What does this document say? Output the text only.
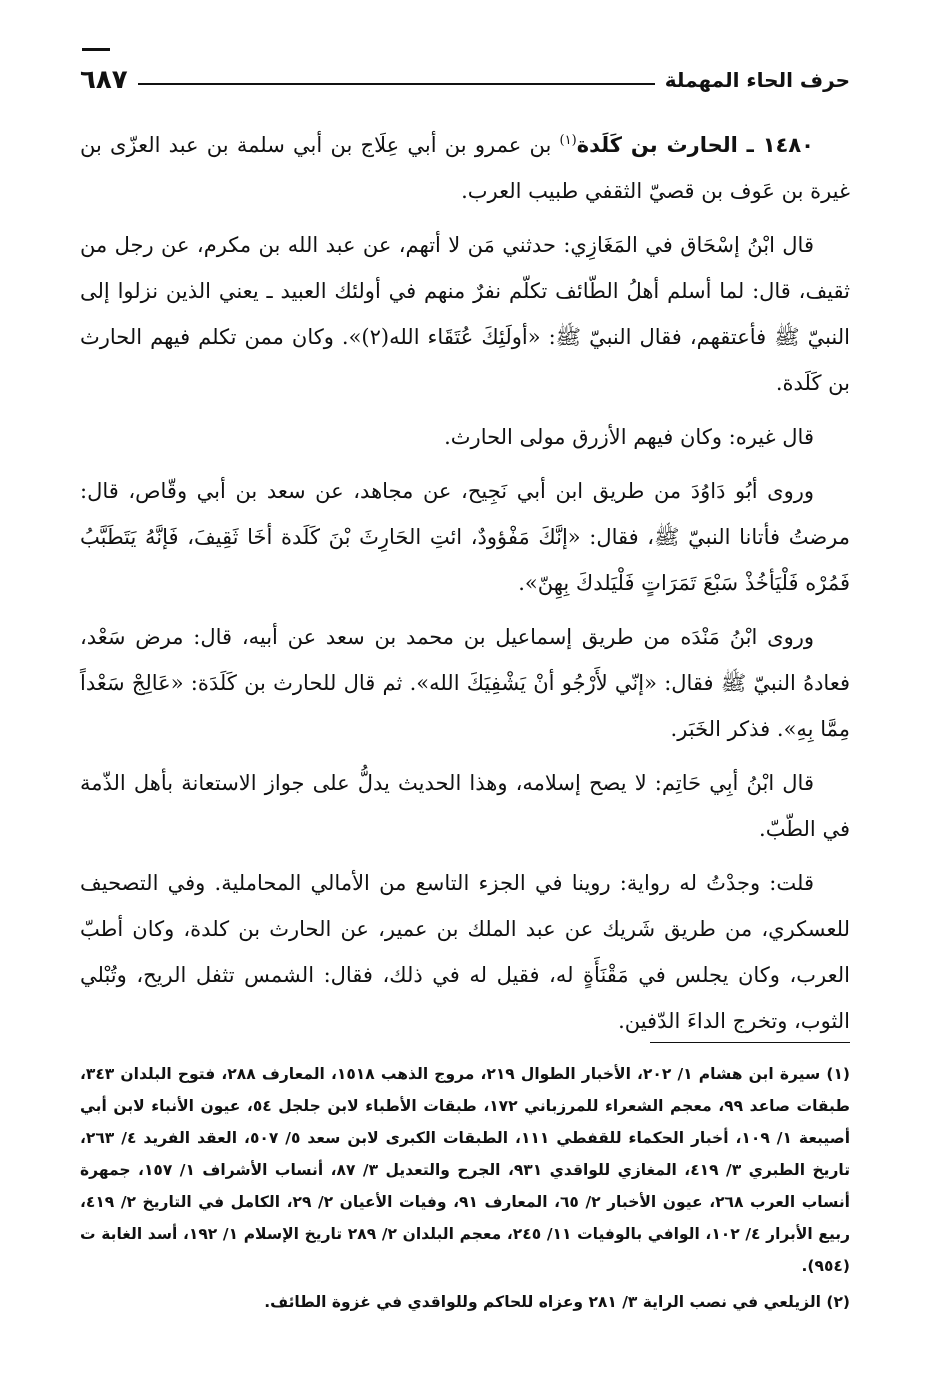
حرف الحاء المهملة
٦٨٧

١٤٨٠ ـ الحارث بن كَلَدة$^{(١)}$ بن عمرو بن أبي عِلَاج بن أبي سلمة بن عبد العزّى بن غيرة بن عَوف بن قصيّ الثقفي طبيب العرب.

قال ابْنُ إسْحَاق في المَغَازِي: حدثني مَن لا أتهم، عن عبد الله بن مكرم، عن رجل من ثقيف، قال: لما أسلم أهلُ الطّائف تكلّم نفرٌ منهم في أولئك العبيد ـ يعني الذين نزلوا إلى النبيّ ﷺ فأعتقهم، فقال النبيّ ﷺ: «أولَئِكَ عُتَقَاء الله(٢)». وكان ممن تكلم فيهم الحارث بن كَلَدة.

قال غيره: وكان فيهم الأزرق مولى الحارث.

وروى أبُو دَاوُدَ من طريق ابن أبي نَجِيح، عن مجاهد، عن سعد بن أبي وقّاص، قال: مرضتُ فأتانا النبيّ ﷺ، فقال: «إنَّكَ مَفْؤودٌ، ائتِ الحَارِثَ بْنَ كَلَدة أخَا ثَقِيفَ، فَإنَّهُ يَتَطَبَّبُ فَمُرْه فَلْيَأخُذْ سَبْعَ تَمَرَاتٍ فَلْيَلدكَ بِهِنّ».

وروى ابْنُ مَنْدَه من طريق إسماعيل بن محمد بن سعد عن أبيه، قال: مرض سَعْد، فعادهُ النبيّ ﷺ فقال: «إنّي لأَرْجُو أنْ يَشْفِيَكَ الله». ثم قال للحارث بن كَلَدَة: «عَالِجْ سَعْداً مِمَّا بِهِ». فذكر الخَبَر.

قال ابْنُ أبِي حَاتِم: لا يصح إسلامه، وهذا الحديث يدلُّ على جواز الاستعانة بأهل الذّمة في الطّبّ.

قلت: وجدْتُ له رواية: روينا في الجزء التاسع من الأمالي المحاملية. وفي التصحيف للعسكري، من طريق شَريك عن عبد الملك بن عمير، عن الحارث بن كلدة، وكان أطبّ العرب، وكان يجلس في مَقْنَأَةٍ له، فقيل له في ذلك، فقال: الشمس تثفل الريح، وتُبْلي الثوب، وتخرج الداءَ الدّفين.

(١) سيرة ابن هشام ١/ ٢٠٢، الأخبار الطوال ٢١٩، مروج الذهب ١٥١٨، المعارف ٢٨٨، فتوح البلدان ٣٤٣، طبقات صاعد ٩٩، معجم الشعراء للمرزباني ١٧٢، طبقات الأطباء لابن جلجل ٥٤، عيون الأنباء لابن أبي أصيبعة ١/ ١٠٩، أخبار الحكماء للقفطي ١١١، الطبقات الكبرى لابن سعد ٥/ ٥٠٧، العقد الفريد ٤/ ٢٦٣، تاريخ الطبري ٣/ ٤١٩، المغازي للواقدي ٩٣١، الجرح والتعديل ٣/ ٨٧، أنساب الأشراف ١/ ١٥٧، جمهرة أنساب العرب ٢٦٨، عيون الأخبار ٢/ ٦٥، المعارف ٩١، وفيات الأعيان ٢/ ٢٩، الكامل في التاريخ ٢/ ٤١٩، ربيع الأبرار ٤/ ١٠٢، الوافي بالوفيات ١١/ ٢٤٥، معجم البلدان ٢/ ٢٨٩ تاريخ الإسلام ١/ ١٩٢، أسد الغابة ت (٩٥٤).

(٢) الزيلعي في نصب الراية ٣/ ٢٨١ وعزاه للحاكم وللواقدي في غزوة الطائف.
